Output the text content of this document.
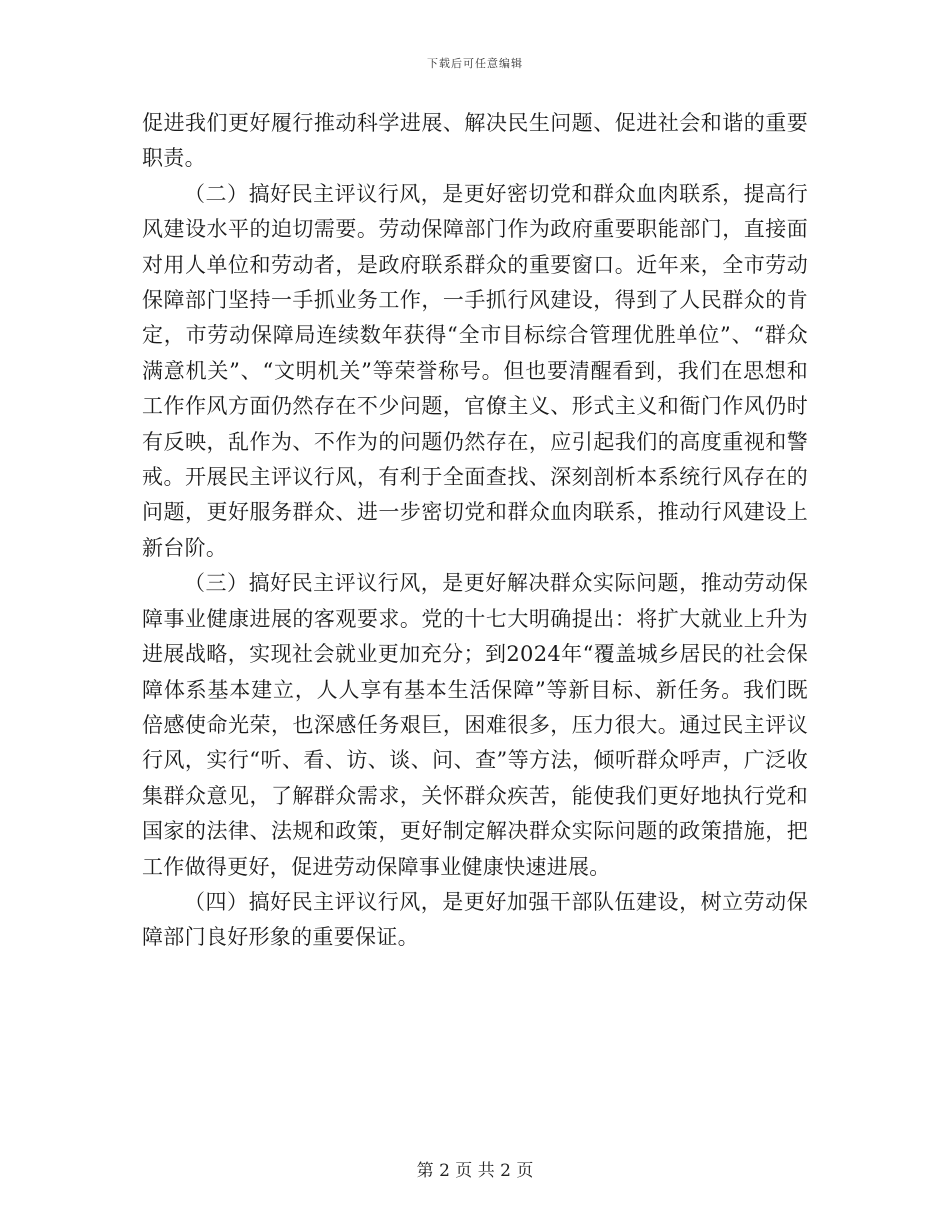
下载后可任意编辑

促进我们更好履行推动科学进展、解决民生问题、促进社会和谐的重要职责。

（二）搞好民主评议行风，是更好密切党和群众血肉联系，提高行风建设水平的迫切需要。劳动保障部门作为政府重要职能部门，直接面对用人单位和劳动者，是政府联系群众的重要窗口。近年来，全市劳动保障部门坚持一手抓业务工作，一手抓行风建设，得到了人民群众的肯定，市劳动保障局连续数年获得“全市目标综合管理优胜单位”、“群众满意机关”、“文明机关”等荣誉称号。但也要清醒看到，我们在思想和工作作风方面仍然存在不少问题，官僚主义、形式主义和衙门作风仍时有反映，乱作为、不作为的问题仍然存在，应引起我们的高度重视和警戒。开展民主评议行风，有利于全面查找、深刻剖析本系统行风存在的问题，更好服务群众、进一步密切党和群众血肉联系，推动行风建设上新台阶。

（三）搞好民主评议行风，是更好解决群众实际问题，推动劳动保障事业健康进展的客观要求。党的十七大明确提出：将扩大就业上升为进展战略，实现社会就业更加充分；到2024年“覆盖城乡居民的社会保障体系基本建立，人人享有基本生活保障”等新目标、新任务。我们既倍感使命光荣，也深感任务艰巨，困难很多，压力很大。通过民主评议行风，实行“听、看、访、谈、问、查”等方法，倾听群众呼声，广泛收集群众意见，了解群众需求，关怀群众疾苦，能使我们更好地执行党和国家的法律、法规和政策，更好制定解决群众实际问题的政策措施，把工作做得更好，促进劳动保障事业健康快速进展。

（四）搞好民主评议行风，是更好加强干部队伍建设，树立劳动保障部门良好形象的重要保证。

第 2 页 共 2 页
